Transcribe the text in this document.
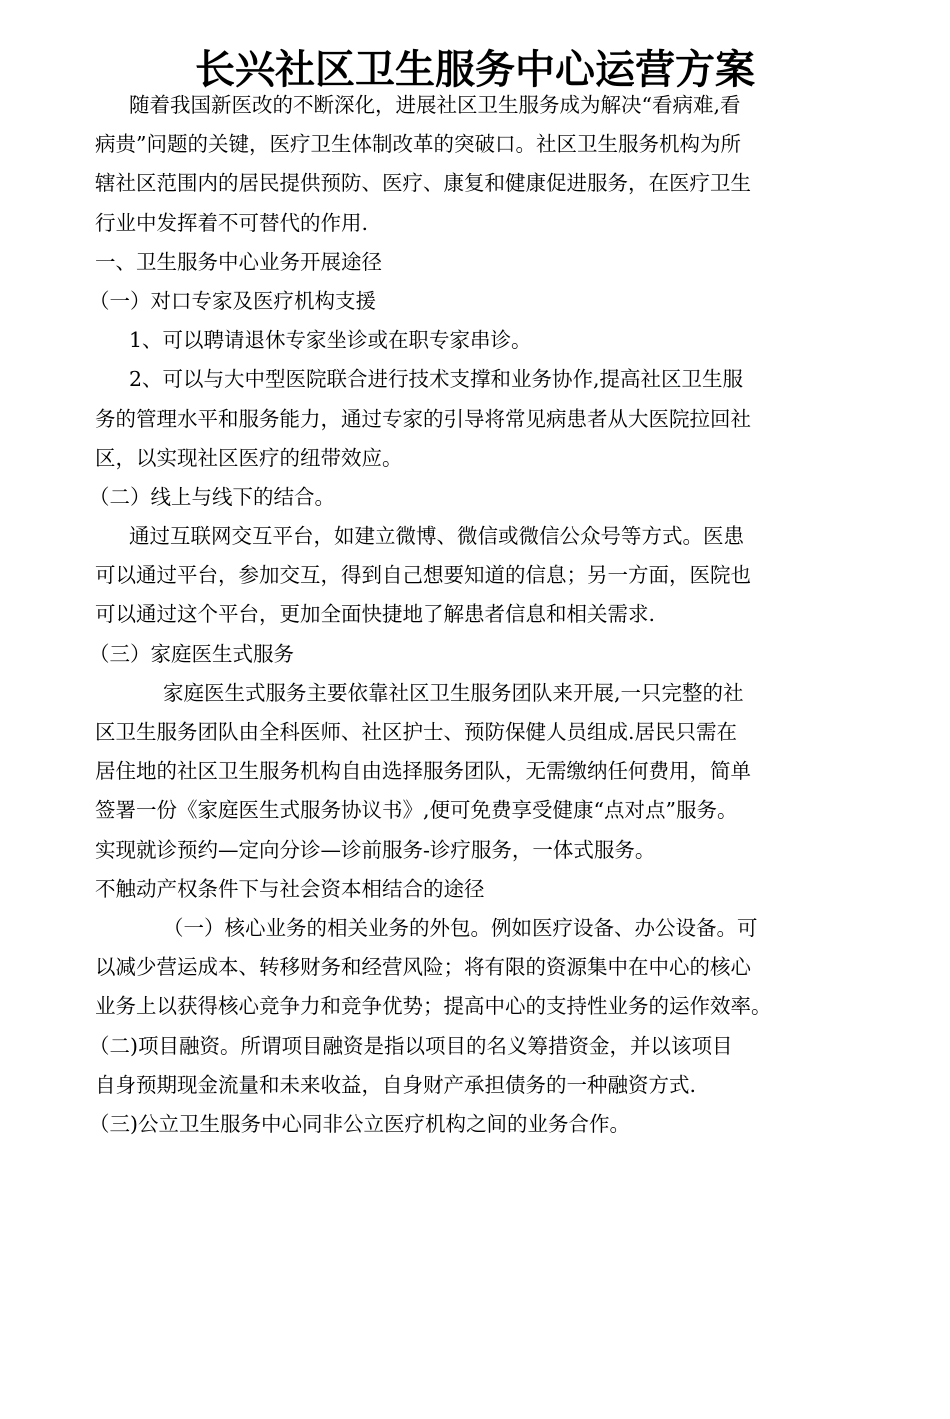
长兴社区卫生服务中心运营方案
随着我国新医改的不断深化，进展社区卫生服务成为解决“看病难,看
病贵”问题的关键，医疗卫生体制改革的突破口。社区卫生服务机构为所
辖社区范围内的居民提供预防、医疗、康复和健康促进服务，在医疗卫生
行业中发挥着不可替代的作用.
一、卫生服务中心业务开展途径
（一）对口专家及医疗机构支援
1、可以聘请退休专家坐诊或在职专家串诊。
2、可以与大中型医院联合进行技术支撑和业务协作,提高社区卫生服
务的管理水平和服务能力，通过专家的引导将常见病患者从大医院拉回社
区，以实现社区医疗的纽带效应。
（二）线上与线下的结合。
通过互联网交互平台，如建立微博、微信或微信公众号等方式。医患
可以通过平台，参加交互，得到自己想要知道的信息；另一方面，医院也
可以通过这个平台，更加全面快捷地了解患者信息和相关需求.
（三）家庭医生式服务
家庭医生式服务主要依靠社区卫生服务团队来开展,一只完整的社
区卫生服务团队由全科医师、社区护士、预防保健人员组成.居民只需在
居住地的社区卫生服务机构自由选择服务团队，无需缴纳任何费用，简单
签署一份《家庭医生式服务协议书》,便可免费享受健康“点对点”服务。
实现就诊预约—定向分诊—诊前服务-诊疗服务，一体式服务。
不触动产权条件下与社会资本相结合的途径
（一）核心业务的相关业务的外包。例如医疗设备、办公设备。可
以减少营运成本、转移财务和经营风险；将有限的资源集中在中心的核心
业务上以获得核心竞争力和竞争优势；提高中心的支持性业务的运作效率。
（二)项目融资。所谓项目融资是指以项目的名义筹措资金，并以该项目
自身预期现金流量和未来收益，自身财产承担债务的一种融资方式.
（三)公立卫生服务中心同非公立医疗机构之间的业务合作。
